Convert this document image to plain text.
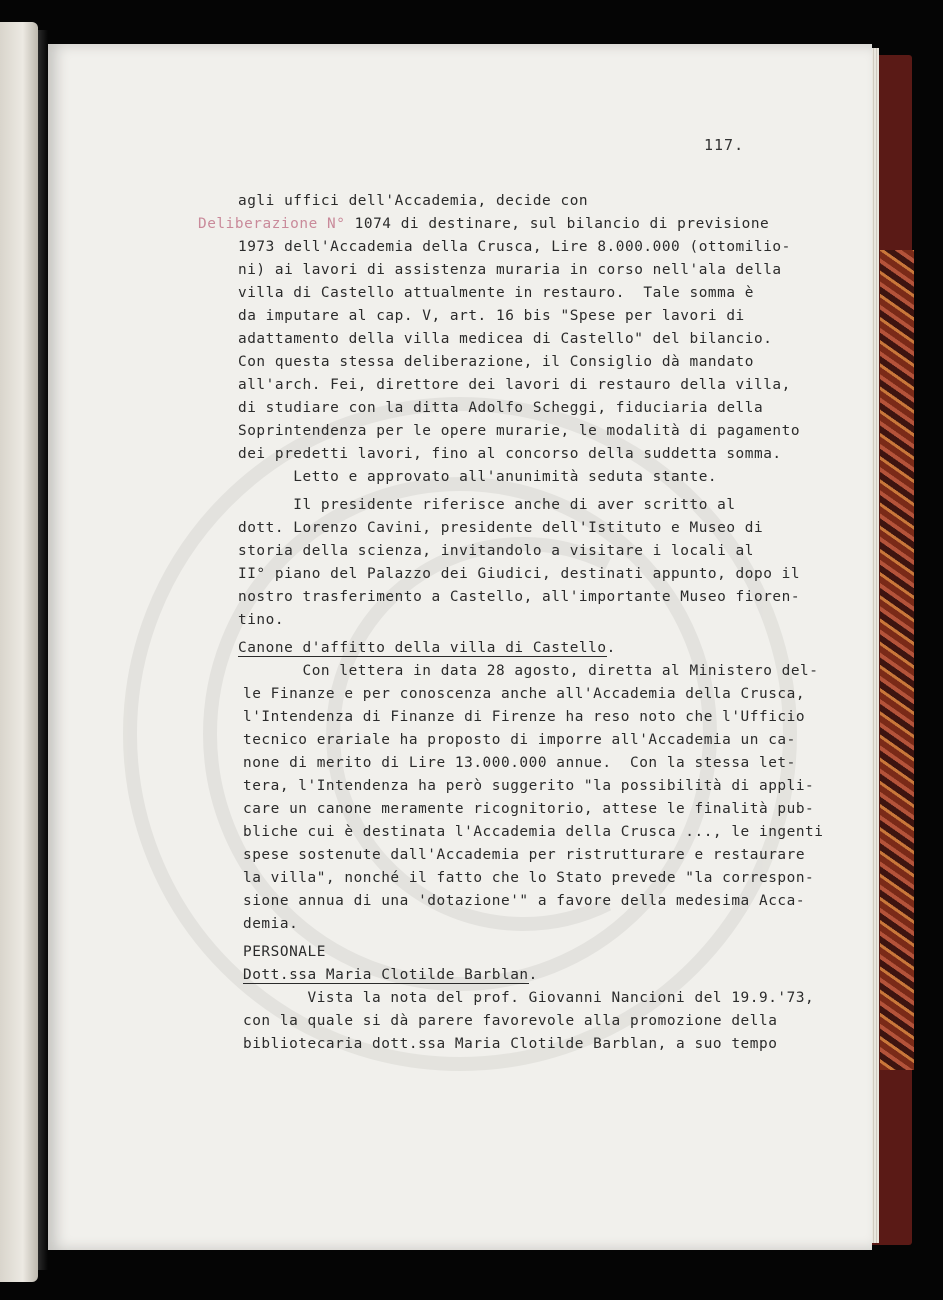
117.
agli uffici dell'Accademia, decide con
Deliberazione N° 1074 di destinare, sul bilancio di previsione
1973 dell'Accademia della Crusca, Lire 8.000.000 (ottomilio-
ni) ai lavori di assistenza muraria in corso nell'ala della
villa di Castello attualmente in restauro.  Tale somma è
da imputare al cap. V, art. 16 bis "Spese per lavori di
adattamento della villa medicea di Castello" del bilancio.
Con questa stessa deliberazione, il Consiglio dà mandato
all'arch. Fei, direttore dei lavori di restauro della villa,
di studiare con la ditta Adolfo Scheggi, fiduciaria della
Soprintendenza per le opere murarie, le modalità di pagamento
dei predetti lavori, fino al concorso della suddetta somma.
Letto e approvato all'anunimità seduta stante.
Il presidente riferisce anche di aver scritto al
dott. Lorenzo Cavini, presidente dell'Istituto e Museo di
storia della scienza, invitandolo a visitare i locali al
II° piano del Palazzo dei Giudici, destinati appunto, dopo il
nostro trasferimento a Castello, all'importante Museo fioren-
tino.
Canone d'affitto della villa di Castello.
Con lettera in data 28 agosto, diretta al Ministero del-
le Finanze e per conoscenza anche all'Accademia della Crusca,
l'Intendenza di Finanze di Firenze ha reso noto che l'Ufficio
tecnico erariale ha proposto di imporre all'Accademia un ca-
none di merito di Lire 13.000.000 annue.  Con la stessa let-
tera, l'Intendenza ha però suggerito "la possibilità di appli-
care un canone meramente ricognitorio, attese le finalità pub-
bliche cui è destinata l'Accademia della Crusca ..., le ingenti
spese sostenute dall'Accademia per ristrutturare e restaurare
la villa", nonché il fatto che lo Stato prevede "la correspon-
sione annua di una 'dotazione'" a favore della medesima Acca-
demia.
PERSONALE
Dott.ssa Maria Clotilde Barblan.
Vista la nota del prof. Giovanni Nancioni del 19.9.'73,
con la quale si dà parere favorevole alla promozione della
bibliotecaria dott.ssa Maria Clotilde Barblan, a suo tempo
